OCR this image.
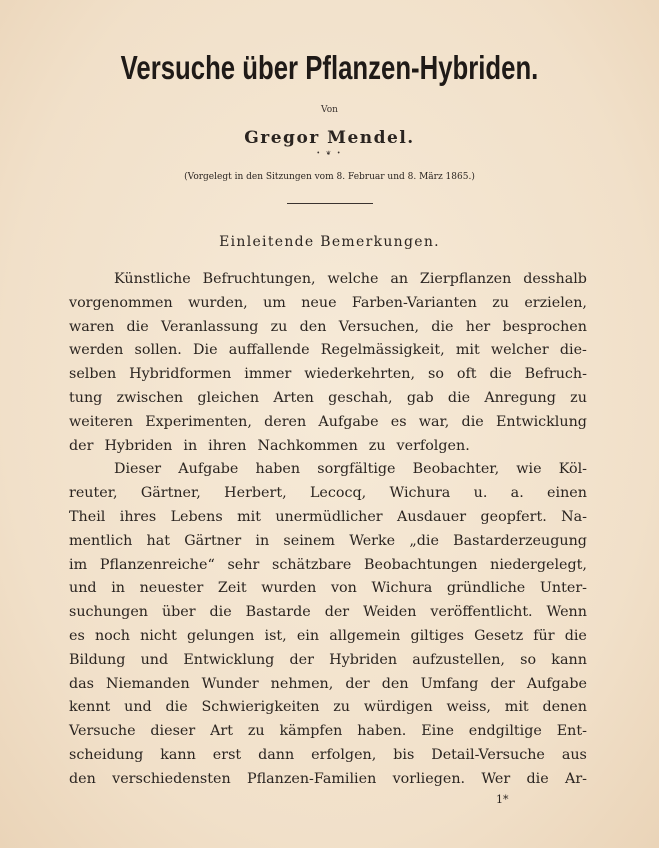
Versuche über Pflanzen-Hybriden.
Von
Gregor Mendel.
• ❦ •
(Vorgelegt in den Sitzungen vom 8. Februar und 8. März 1865.)
Einleitende Bemerkungen.
Künstliche Befruchtungen, welche an Zierpflanzen desshalb
vorgenommen wurden, um neue Farben-Varianten zu erzielen,
waren die Veranlassung zu den Versuchen, die her besprochen
werden sollen. Die auffallende Regelmässigkeit, mit welcher die-
selben Hybridformen immer wiederkehrten, so oft die Befruch-
tung zwischen gleichen Arten geschah, gab die Anregung zu
weiteren Experimenten, deren Aufgabe es war, die Entwicklung
der Hybriden in ihren Nachkommen zu verfolgen.
Dieser Aufgabe haben sorgfältige Beobachter, wie Köl-
reuter, Gärtner, Herbert, Lecocq, Wichura u. a. einen
Theil ihres Lebens mit unermüdlicher Ausdauer geopfert. Na-
mentlich hat Gärtner in seinem Werke „die Bastarderzeugung
im Pflanzenreiche“ sehr schätzbare Beobachtungen niedergelegt,
und in neuester Zeit wurden von Wichura gründliche Unter-
suchungen über die Bastarde der Weiden veröffentlicht. Wenn
es noch nicht gelungen ist, ein allgemein giltiges Gesetz für die
Bildung und Entwicklung der Hybriden aufzustellen, so kann
das Niemanden Wunder nehmen, der den Umfang der Aufgabe
kennt und die Schwierigkeiten zu würdigen weiss, mit denen
Versuche dieser Art zu kämpfen haben. Eine endgiltige Ent-
scheidung kann erst dann erfolgen, bis Detail-Versuche aus
den verschiedensten Pflanzen-Familien vorliegen. Wer die Ar-
1*
